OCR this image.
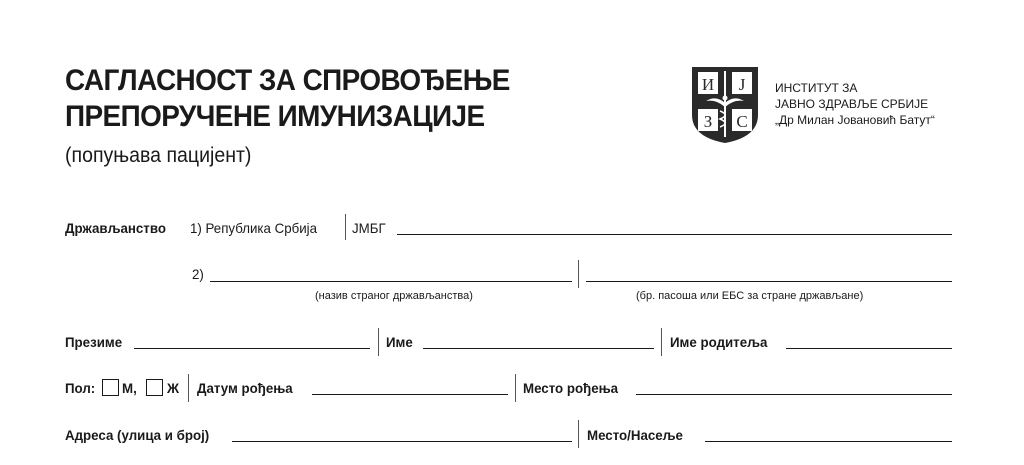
САГЛАСНОСТ ЗА СПРОВОЂЕЊЕ
ПРЕПОРУЧЕНЕ ИМУНИЗАЦИЈЕ
(попуњава пацијент)
И Ј
З С
ИНСТИТУТ ЗА
ЈАВНО ЗДРАВЉЕ СРБИЈЕ
„Др Милан Јовановић Батут“
Држављанство 1) Република Србија ЈМБГ
2)
(назив страног држављанства)	(бр. пасоша или ЕБС за стране држављане)
Презиме	Име	Име родитеља
Пол: М, Ж Датум рођења	Место рођења
Адреса (улица и број)	Место/Насеље
